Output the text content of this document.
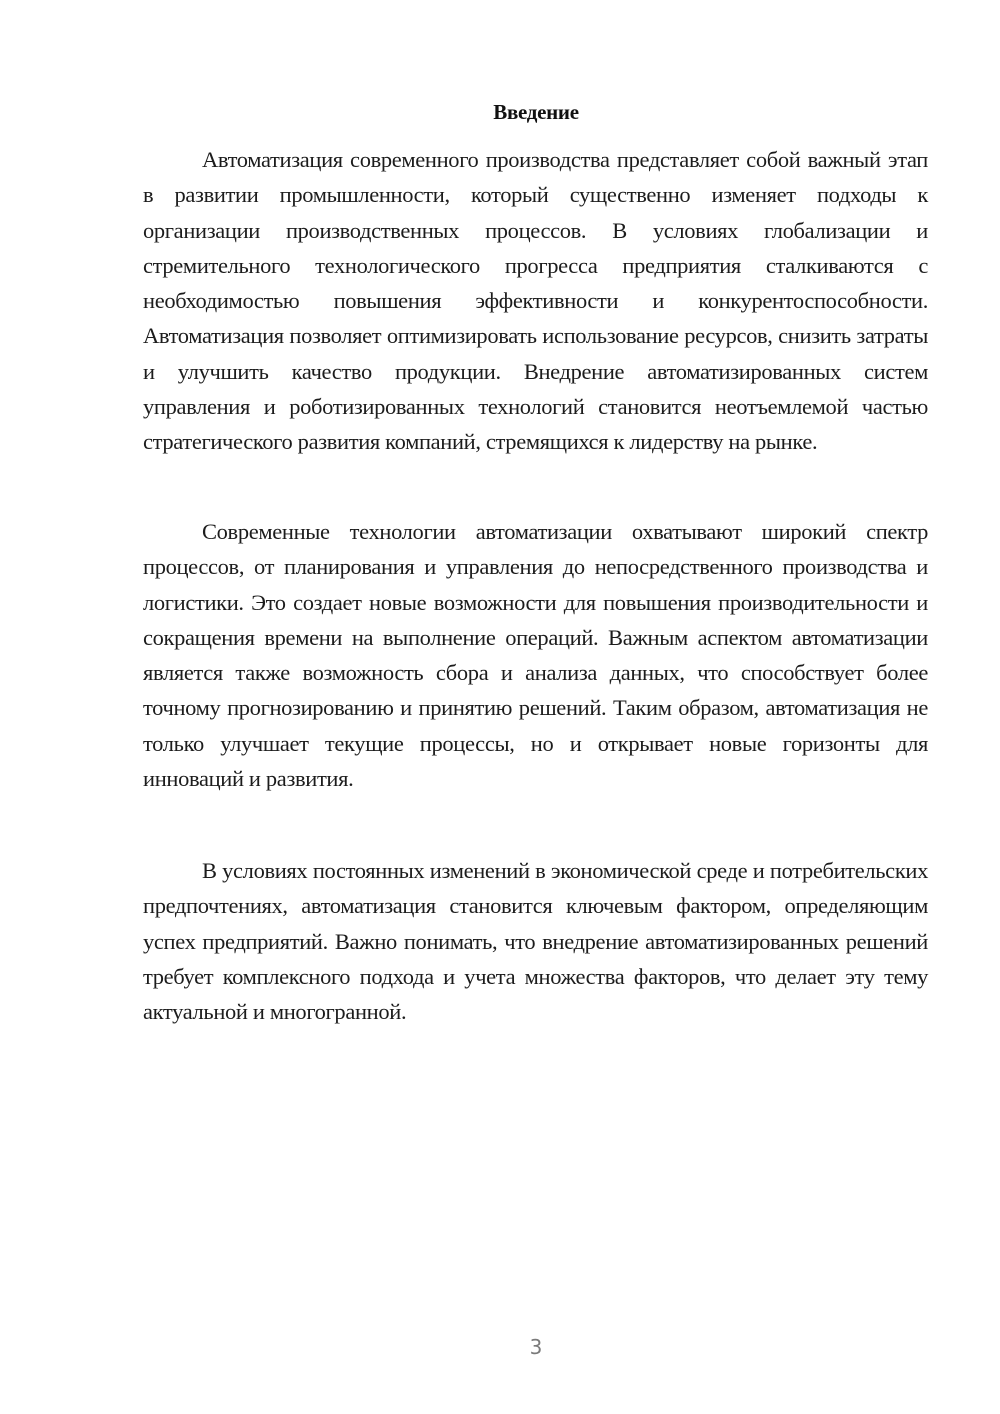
Введение

Автоматизация современного производства представляет собой важный этап в развитии промышленности, который существенно изменяет подходы к организации производственных процессов. В условиях глобализации и стремительного технологического прогресса предприятия сталкиваются с необходимостью повышения эффективности и конкурентоспособности. Автоматизация позволяет оптимизировать использование ресурсов, снизить затраты и улучшить качество продукции. Внедрение автоматизированных систем управления и роботизированных технологий становится неотъемлемой частью стратегического развития компаний, стремящихся к лидерству на рынке.

Современные технологии автоматизации охватывают широкий спектр процессов, от планирования и управления до непосредственного производства и логистики. Это создает новые возможности для повышения производительности и сокращения времени на выполнение операций. Важным аспектом автоматизации является также возможность сбора и анализа данных, что способствует более точному прогнозированию и принятию решений. Таким образом, автоматизация не только улучшает текущие процессы, но и открывает новые горизонты для инноваций и развития.

В условиях постоянных изменений в экономической среде и потребительских предпочтениях, автоматизация становится ключевым фактором, определяющим успех предприятий. Важно понимать, что внедрение автоматизированных решений требует комплексного подхода и учета множества факторов, что делает эту тему актуальной и многогранной.

3
